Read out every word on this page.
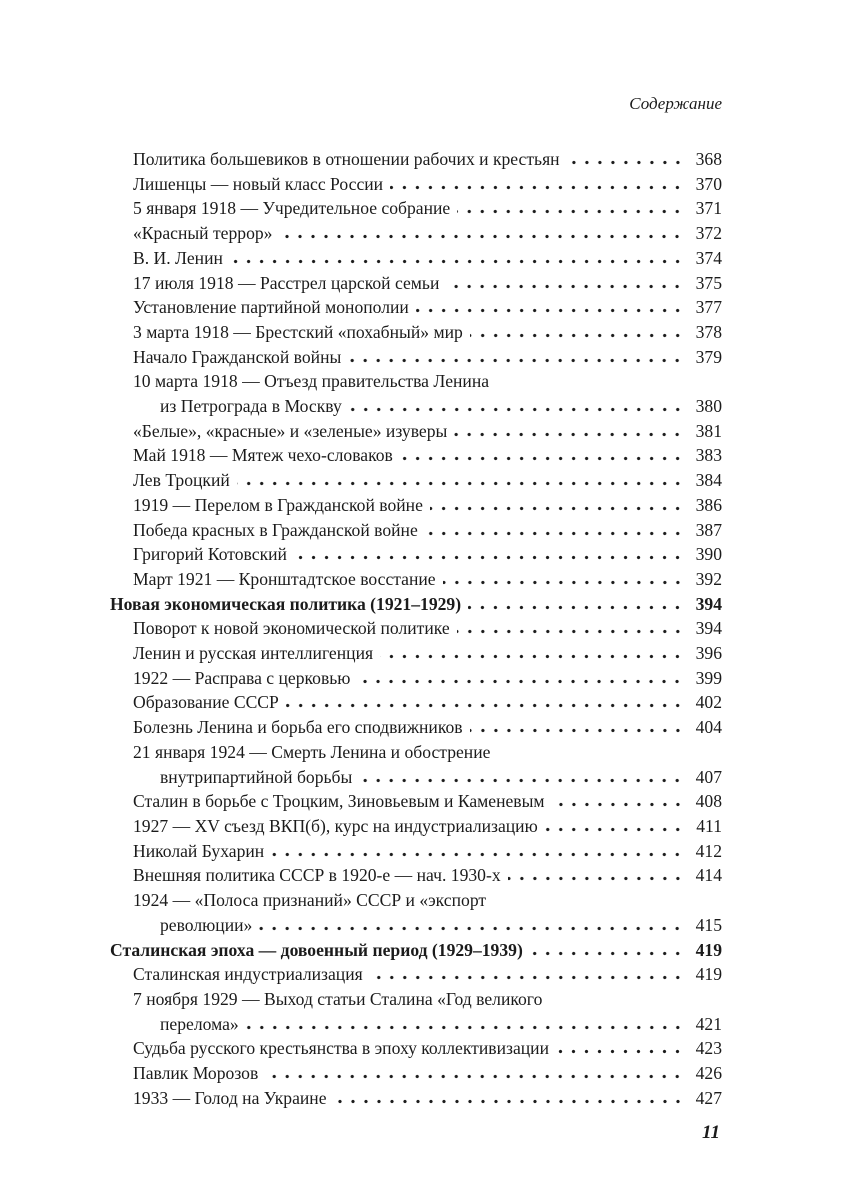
Содержание
Политика большевиков в отношении рабочих и крестьян	368
Лишенцы — новый класс России	370
5 января 1918 — Учредительное собрание	371
«Красный террор»	372
В. И. Ленин	374
17 июля 1918 — Расстрел царской семьи	375
Установление партийной монополии	377
3 марта 1918 — Брестский «похабный» мир	378
Начало Гражданской войны	379
10 марта 1918 — Отъезд правительства Ленина
из Петрограда в Москву	380
«Белые», «красные» и «зеленые» изуверы	381
Май 1918 — Мятеж чехо-словаков	383
Лев Троцкий	384
1919 — Перелом в Гражданской войне	386
Победа красных в Гражданской войне	387
Григорий Котовский	390
Март 1921 — Кронштадтское восстание	392
Новая экономическая политика (1921–1929)	394
Поворот к новой экономической политике	394
Ленин и русская интеллигенция	396
1922 — Расправа с церковью	399
Образование СССР	402
Болезнь Ленина и борьба его сподвижников	404
21 января 1924 — Смерть Ленина и обострение
внутрипартийной борьбы	407
Сталин в борьбе с Троцким, Зиновьевым и Каменевым	408
1927 — XV съезд ВКП(б), курс на индустриализацию	411
Николай Бухарин	412
Внешняя политика СССР в 1920-е — нач. 1930-х	414
1924 — «Полоса признаний» СССР и «экспорт
революции»	415
Сталинская эпоха — довоенный период (1929–1939)	419
Сталинская индустриализация	419
7 ноября 1929 — Выход статьи Сталина «Год великого
перелома»	421
Судьба русского крестьянства в эпоху коллективизации	423
Павлик Морозов	426
1933 — Голод на Украине	427
11
